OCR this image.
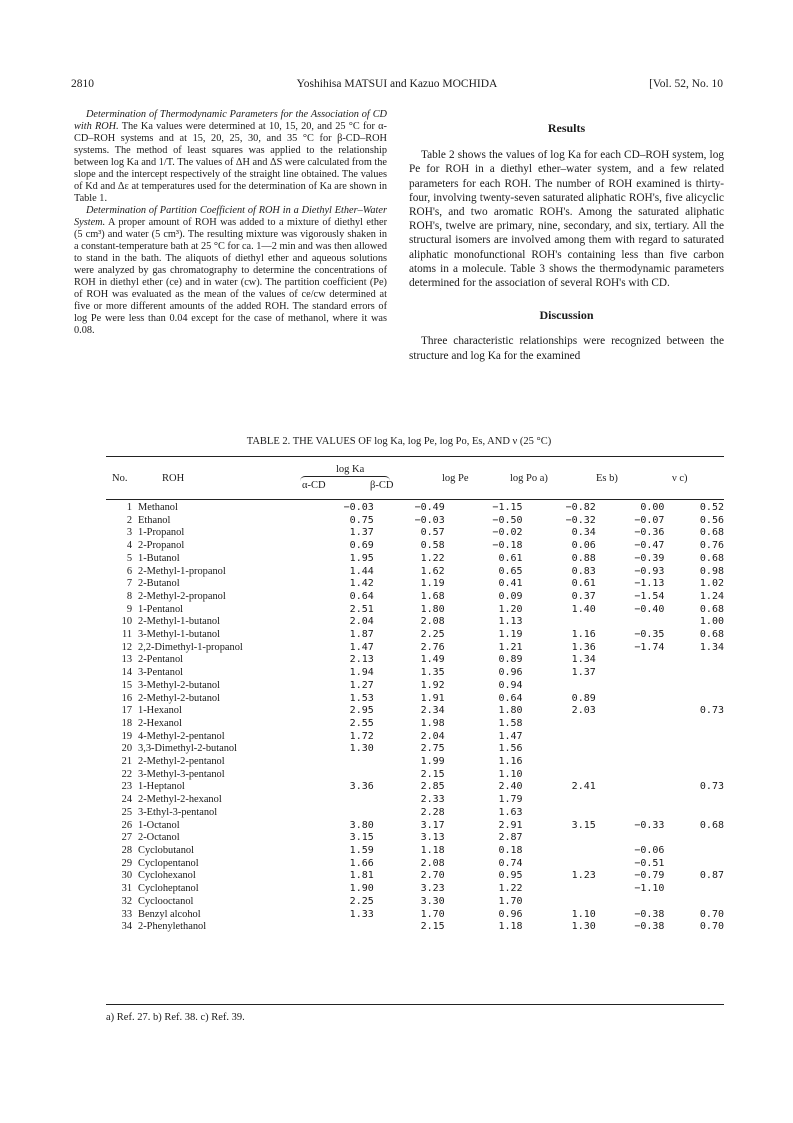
2810	Yoshihisa MATSUI and Kazuo MOCHIDA	[Vol. 52, No. 10

Determination of Thermodynamic Parameters for the Association of CD with ROH. The Ka values were determined at 10, 15, 20, and 25 °C for α-CD–ROH systems and at 15, 20, 25, 30, and 35 °C for β-CD–ROH systems. The method of least squares was applied to the relationship between log Ka and 1/T. The values of ΔH and ΔS were calculated from the slope and the intercept respectively of the straight line obtained. The values of Kd and Δε at temperatures used for the determination of Ka are shown in Table 1.

Determination of Partition Coefficient of ROH in a Diethyl Ether–Water System. A proper amount of ROH was added to a mixture of diethyl ether (5 cm³) and water (5 cm³). The resulting mixture was vigorously shaken in a constant-temperature bath at 25 °C for ca. 1—2 min and was then allowed to stand in the bath. The aliquots of diethyl ether and aqueous solutions were analyzed by gas chromatography to determine the concentrations of ROH in diethyl ether (ce) and in water (cw). The partition coefficient (Pe) of ROH was evaluated as the mean of the values of ce/cw determined at five or more different amounts of the added ROH. The standard errors of log Pe were less than 0.04 except for the case of methanol, where it was 0.08.

Results

Table 2 shows the values of log Ka for each CD–ROH system, log Pe for ROH in a diethyl ether–water system, and a few related parameters for each ROH. The number of ROH examined is thirty-four, involving twenty-seven saturated aliphatic ROH's, five alicyclic ROH's, and two aromatic ROH's. Among the saturated aliphatic ROH's, twelve are primary, nine, secondary, and six, tertiary. All the structural isomers are involved among them with regard to saturated aliphatic monofunctional ROH's containing less than five carbon atoms in a molecule. Table 3 shows the thermodynamic parameters determined for the association of several ROH's with CD.

Discussion

Three characteristic relationships were recognized between the structure and log Ka for the examined

TABLE 2. THE VALUES OF log Ka, log Pe, log Po, Es, AND ν (25 °C)
No.	ROH
log Ka
α-CD	β-CD
log Pe	log Po a)	Es b)	ν c)
1	Methanol	−0.03	−0.49	−1.15	−0.82	0.00	0.52
2	Ethanol	0.75	−0.03	−0.50	−0.32	−0.07	0.56
3	1-Propanol	1.37	0.57	−0.02	0.34	−0.36	0.68
4	2-Propanol	0.69	0.58	−0.18	0.06	−0.47	0.76
5	1-Butanol	1.95	1.22	0.61	0.88	−0.39	0.68
6	2-Methyl-1-propanol	1.44	1.62	0.65	0.83	−0.93	0.98
7	2-Butanol	1.42	1.19	0.41	0.61	−1.13	1.02
8	2-Methyl-2-propanol	0.64	1.68	0.09	0.37	−1.54	1.24
9	1-Pentanol	2.51	1.80	1.20	1.40	−0.40	0.68
10	2-Methyl-1-butanol	2.04	2.08	1.13			1.00
11	3-Methyl-1-butanol	1.87	2.25	1.19	1.16	−0.35	0.68
12	2,2-Dimethyl-1-propanol	1.47	2.76	1.21	1.36	−1.74	1.34
13	2-Pentanol	2.13	1.49	0.89	1.34		
14	3-Pentanol	1.94	1.35	0.96	1.37		
15	3-Methyl-2-butanol	1.27	1.92	0.94			
16	2-Methyl-2-butanol	1.53	1.91	0.64	0.89		
17	1-Hexanol	2.95	2.34	1.80	2.03		0.73
18	2-Hexanol	2.55	1.98	1.58			
19	4-Methyl-2-pentanol	1.72	2.04	1.47			
20	3,3-Dimethyl-2-butanol	1.30	2.75	1.56			
21	2-Methyl-2-pentanol		1.99	1.16			
22	3-Methyl-3-pentanol		2.15	1.10			
23	1-Heptanol	3.36	2.85	2.40	2.41		0.73
24	2-Methyl-2-hexanol		2.33	1.79			
25	3-Ethyl-3-pentanol		2.28	1.63			
26	1-Octanol	3.80	3.17	2.91	3.15	−0.33	0.68
27	2-Octanol	3.15	3.13	2.87			
28	Cyclobutanol	1.59	1.18	0.18		−0.06	
29	Cyclopentanol	1.66	2.08	0.74		−0.51	
30	Cyclohexanol	1.81	2.70	0.95	1.23	−0.79	0.87
31	Cycloheptanol	1.90	3.23	1.22		−1.10	
32	Cyclooctanol	2.25	3.30	1.70			
33	Benzyl alcohol	1.33	1.70	0.96	1.10	−0.38	0.70
34	2-Phenylethanol		2.15	1.18	1.30	−0.38	0.70
a) Ref. 27. b) Ref. 38. c) Ref. 39.
